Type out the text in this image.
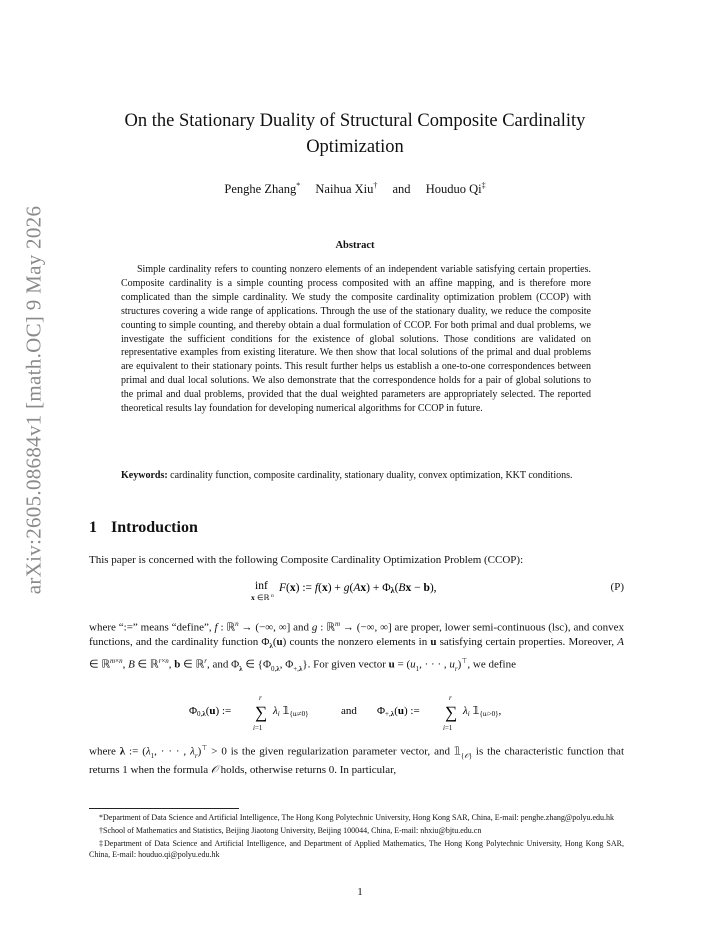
arXiv:2605.08684v1 [math.OC] 9 May 2026
On the Stationary Duality of Structural Composite Cardinality Optimization
Penghe Zhang* Naihua Xiu† and Houduo Qi‡
Abstract
Simple cardinality refers to counting nonzero elements of an independent variable satisfying certain properties. Composite cardinality is a simple counting process composited with an affine mapping, and is therefore more complicated than the simple cardinality. We study the composite cardinality optimization problem (CCOP) with structures covering a wide range of applications. Through the use of the stationary duality, we reduce the composite counting to simple counting, and thereby obtain a dual formulation of CCOP. For both primal and dual problems, we investigate the sufficient conditions for the existence of global solutions. Those conditions are validated on representative examples from existing literature. We then show that local solutions of the primal and dual problems are equivalent to their stationary points. This result further helps us establish a one-to-one correspondences between primal and dual local solutions. We also demonstrate that the correspondence holds for a pair of global solutions to the primal and dual problems, provided that the dual weighted parameters are appropriately selected. The reported theoretical results lay foundation for developing numerical algorithms for CCOP in future.
Keywords: cardinality function, composite cardinality, stationary duality, convex optimization, KKT conditions.
1 Introduction
This paper is concerned with the following Composite Cardinality Optimization Problem (CCOP):
inf
x ∈ℝ n
F(x) := f(x) + g(Ax) + Φλ(Bx − b),	(P)
where “:=” means “define”, f : ℝ$^n$ → (−∞, ∞] and g : ℝ$^m$ → (−∞, ∞] are proper, lower semi-continuous (lsc), and convex functions, and the cardinality function $\Phi_\lambda(u)$ counts the nonzero elements in u satisfying certain properties. Moreover, A ∈ ℝ$^{m\times n}$, B ∈ ℝ$^{r\times n}$, b ∈ ℝ$^r$, and $\Phi_\lambda$ ∈ {$\Phi_{0,\lambda}$, $\Phi_{+,\lambda}$}. For given vector $u = (u_1$, · · · , $u_r)^⊤$, we define
Φ0,λ(u) :=
r
∑
i=1
λi 𝟙{ui≠0}	and Φ+,λ(u) :=
r
∑
i=1
λi 𝟙{ui>0},
where λ := ($\lambda_1$, · · · , $\lambda_r)^⊤ > 0$ is the given regularization parameter vector, and $𝟙_{\{𝒪\}}$ is the characteristic function that returns 1 when the formula 𝒪 holds, otherwise returns 0. In particular,

*Department of Data Science and Artificial Intelligence, The Hong Kong Polytechnic University, Hong Kong SAR, China, E-mail: penghe.zhang@polyu.edu.hk

†School of Mathematics and Statistics, Beijing Jiaotong University, Beijing 100044, China, E-mail: nhxiu@bjtu.edu.cn

‡Department of Data Science and Artificial Intelligence, and Department of Applied Mathematics, The Hong Kong Polytechnic University, Hong Kong SAR, China, E-mail: houduo.qi@polyu.edu.hk

1
